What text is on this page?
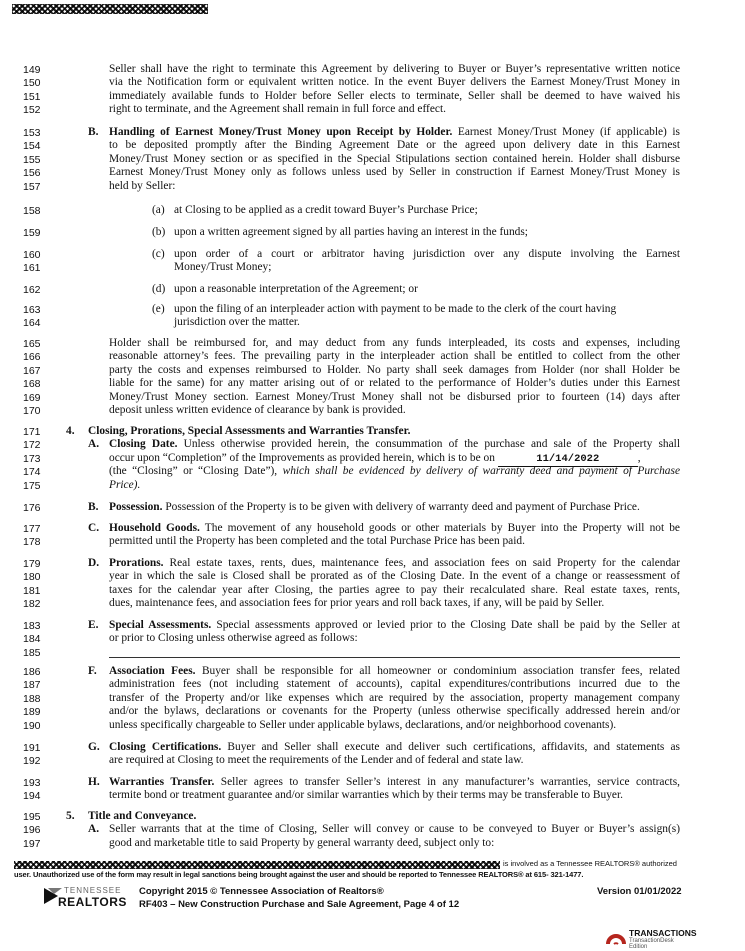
149	Seller shall have the right to terminate this Agreement by delivering to Buyer or Buyer’s representative written notice
150	via the Notification form or equivalent written notice. In the event Buyer delivers the Earnest Money/Trust Money in
151	immediately available funds to Holder before Seller elects to terminate, Seller shall be deemed to have waived his
152	right to terminate, and the Agreement shall remain in full force and effect.
153	B. Handling of Earnest Money/Trust Money upon Receipt by Holder. Earnest Money/Trust Money (if applicable) is
154	to be deposited promptly after the Binding Agreement Date or the agreed upon delivery date in this Earnest
155	Money/Trust Money section or as specified in the Special Stipulations section contained herein. Holder shall disburse
156	Earnest Money/Trust Money only as follows unless used by Seller in construction if Earnest Money/Trust Money is
157	held by Seller:
158	(a) at Closing to be applied as a credit toward Buyer’s Purchase Price;
159	(b) upon a written agreement signed by all parties having an interest in the funds;
160	(c) upon order of a court or arbitrator having jurisdiction over any dispute involving the Earnest
161	Money/Trust Money;
162	(d) upon a reasonable interpretation of the Agreement; or
163	(e) upon the filing of an interpleader action with payment to be made to the clerk of the court having
164	jurisdiction over the matter.
165	Holder shall be reimbursed for, and may deduct from any funds interpleaded, its costs and expenses, including
166	reasonable attorney’s fees. The prevailing party in the interpleader action shall be entitled to collect from the other
167	party the costs and expenses reimbursed to Holder. No party shall seek damages from Holder (nor shall Holder be
168	liable for the same) for any matter arising out of or related to the performance of Holder’s duties under this Earnest
169	Money/Trust Money section. Earnest Money/Trust Money shall not be disbursed prior to fourteen (14) days after
170	deposit unless written evidence of clearance by bank is provided.
171	4. Closing, Prorations, Special Assessments and Warranties Transfer.
172	A. Closing Date. Unless otherwise provided herein, the consummation of the purchase and sale of the Property shall
173	occur upon “Completion” of the Improvements as provided herein, which is to be on	11/14/2022	,
174	(the “Closing” or “Closing Date”), which shall be evidenced by delivery of warranty deed and payment of Purchase
175	Price).
176	B. Possession. Possession of the Property is to be given with delivery of warranty deed and payment of Purchase Price.
177	C. Household Goods. The movement of any household goods or other materials by Buyer into the Property will not be
178	permitted until the Property has been completed and the total Purchase Price has been paid.
179	D. Prorations. Real estate taxes, rents, dues, maintenance fees, and association fees on said Property for the calendar
180	year in which the sale is Closed shall be prorated as of the Closing Date. In the event of a change or reassessment of
181	taxes for the calendar year after Closing, the parties agree to pay their recalculated share. Real estate taxes, rents,
182	dues, maintenance fees, and association fees for prior years and roll back taxes, if any, will be paid by Seller.
183	E. Special Assessments. Special assessments approved or levied prior to the Closing Date shall be paid by the Seller at
184	or prior to Closing unless otherwise agreed as follows:
185
186	F. Association Fees. Buyer shall be responsible for all homeowner or condominium association transfer fees, related
187	administration fees (not including statement of accounts), capital expenditures/contributions incurred due to the
188	transfer of the Property and/or like expenses which are required by the association, property management company
189	and/or the bylaws, declarations or covenants for the Property (unless otherwise specifically addressed herein and/or
190	unless specifically chargeable to Seller under applicable bylaws, declarations, and/or neighborhood covenants).
191	G. Closing Certifications. Buyer and Seller shall execute and deliver such certifications, affidavits, and statements as
192	are required at Closing to meet the requirements of the Lender and of federal and state law.
193	H. Warranties Transfer. Seller agrees to transfer Seller’s interest in any manufacturer’s warranties, service contracts,
194	termite bond or treatment guarantee and/or similar warranties which by their terms may be transferable to Buyer.
195	5. Title and Conveyance.
196	A. Seller warrants that at the time of Closing, Seller will convey or cause to be conveyed to Buyer or Buyer’s assign(s)
197	good and marketable title to said Property by general warranty deed, subject only to:
is involved as a Tennessee REALTORS® authorized
user. Unauthorized use of the form may result in legal sanctions being brought against the user and should be reported to Tennessee REALTORS® at 615- 321-1477.
TENNESSEE
REALTORS
Copyright 2015 © Tennessee Association of Realtors®
RF403 – New Construction Purchase and Sale Agreement, Page 4 of 12
Version 01/01/2022
TRANSACTIONS
TransactionDesk Edition
